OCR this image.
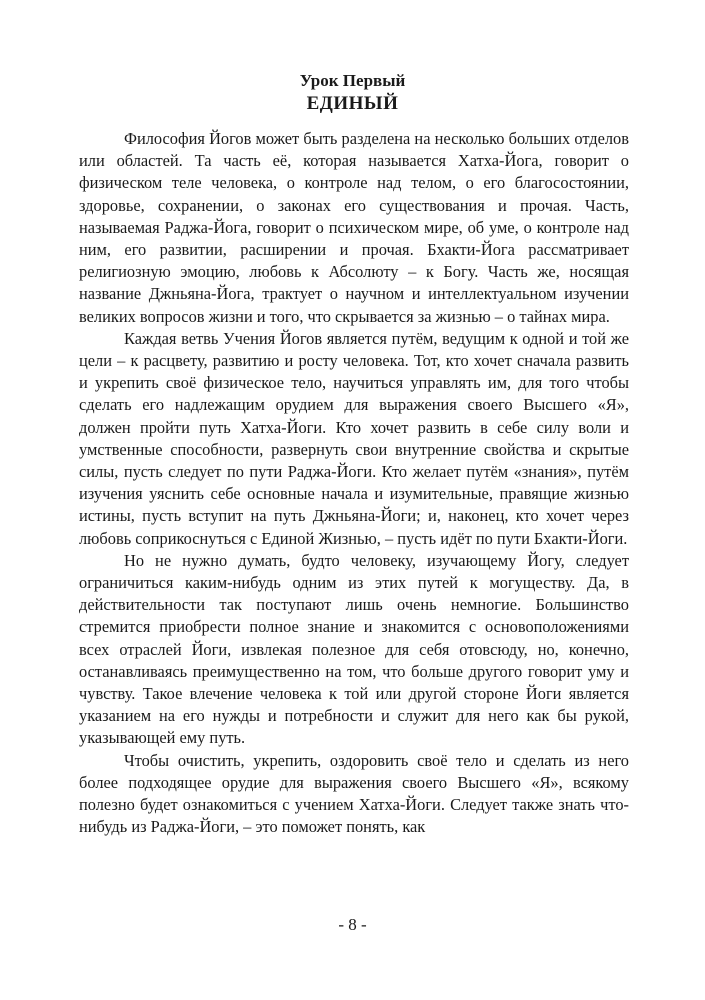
Урок Первый

ЕДИНЫЙ

Философия Йогов может быть разделена на несколько больших отделов или областей. Та часть её, которая называется Хатха-Йога, говорит о физическом теле человека, о контроле над телом, о его благосостоянии, здоровье, сохранении, о законах его существования и прочая. Часть, называемая Раджа-Йога, говорит о психическом мире, об уме, о контроле над ним, его развитии, расширении и прочая. Бхакти-Йога рассматривает религиозную эмоцию, любовь к Абсолюту – к Богу. Часть же, носящая название Джньяна-Йога, трактует о научном и интеллектуальном изучении великих вопросов жизни и того, что скрывается за жизнью – о тайнах мира.

Каждая ветвь Учения Йогов является путём, ведущим к одной и той же цели – к расцвету, развитию и росту человека. Тот, кто хочет сначала развить и укрепить своё физическое тело, научиться управлять им, для того чтобы сделать его надлежащим орудием для выражения своего Высшего «Я», должен пройти путь Хатха-Йоги. Кто хочет развить в себе силу воли и умственные способности, развернуть свои внутренние свойства и скрытые силы, пусть следует по пути Раджа-Йоги. Кто желает путём «знания», путём изучения уяснить себе основные начала и изумительные, правящие жизнью истины, пусть вступит на путь Джньяна-Йоги; и, наконец, кто хочет через любовь соприкоснуться с Единой Жизнью, – пусть идёт по пути Бхакти-Йоги.

Но не нужно думать, будто человеку, изучающему Йогу, следует ограничиться каким-нибудь одним из этих путей к могуществу. Да, в действительности так поступают лишь очень немногие. Большинство стремится приобрести полное знание и знакомится с основоположениями всех отраслей Йоги, извлекая полезное для себя отовсюду, но, конечно, останавливаясь преимущественно на том, что больше другого говорит уму и чувству. Такое влечение человека к той или другой стороне Йоги является указанием на его нужды и потребности и служит для него как бы рукой, указывающей ему путь.

Чтобы очистить, укрепить, оздоровить своё тело и сделать из него более подходящее орудие для выражения своего Высшего «Я», всякому полезно будет ознакомиться с учением Хатха-Йоги. Следует также знать что-нибудь из Раджа-Йоги, – это поможет понять, как

- 8 -
